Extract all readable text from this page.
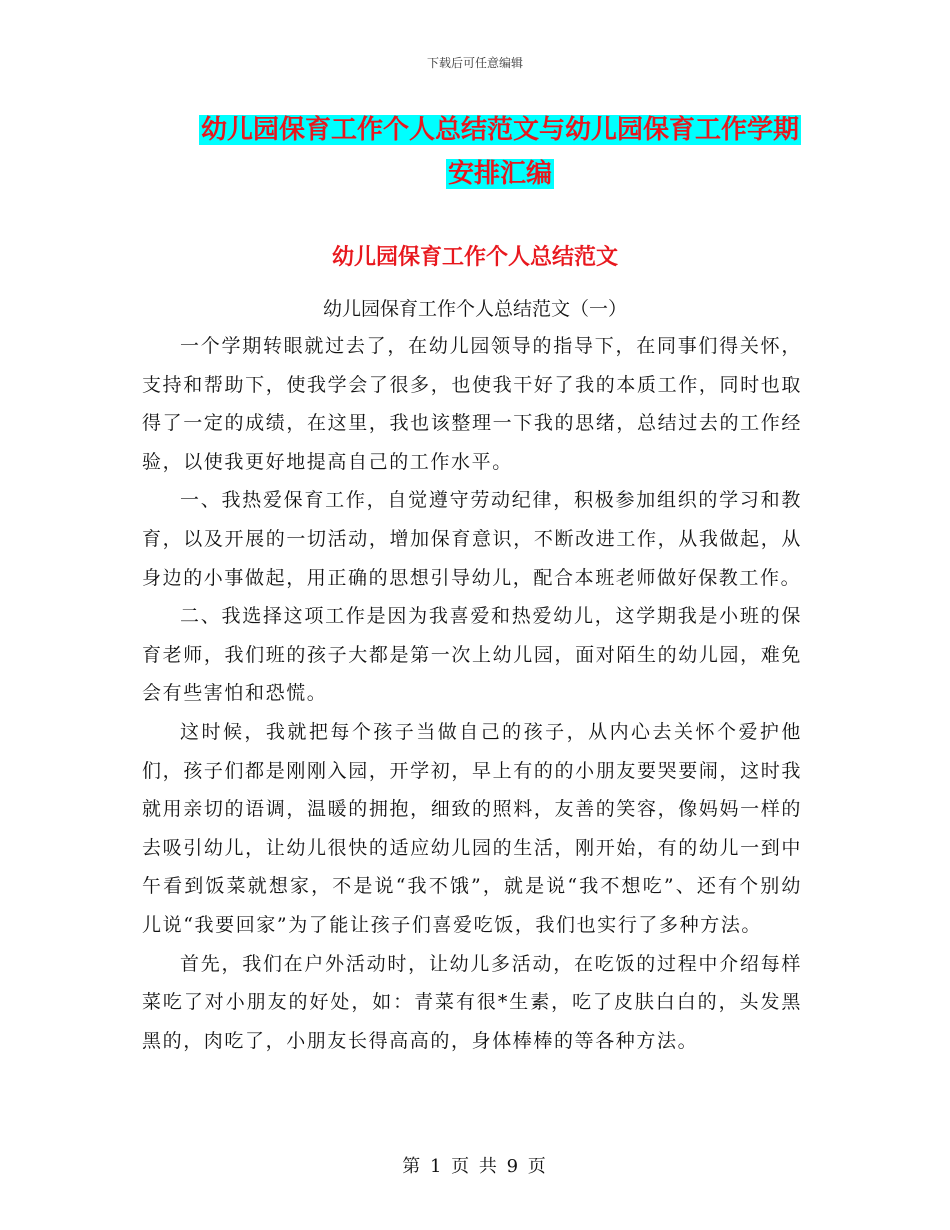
下载后可任意编辑
幼儿园保育工作个人总结范文与幼儿园保育工作学期
安排汇编
幼儿园保育工作个人总结范文
幼儿园保育工作个人总结范文（一）

一个学期转眼就过去了，在幼儿园领导的指导下，在同事们得关怀，支持和帮助下，使我学会了很多，也使我干好了我的本质工作，同时也取得了一定的成绩，在这里，我也该整理一下我的思绪，总结过去的工作经验，以使我更好地提高自己的工作水平。

一、我热爱保育工作，自觉遵守劳动纪律，积极参加组织的学习和教育，以及开展的一切活动，增加保育意识，不断改进工作，从我做起，从身边的小事做起，用正确的思想引导幼儿，配合本班老师做好保教工作。

二、我选择这项工作是因为我喜爱和热爱幼儿，这学期我是小班的保育老师，我们班的孩子大都是第一次上幼儿园，面对陌生的幼儿园，难免会有些害怕和恐慌。

这时候，我就把每个孩子当做自己的孩子，从内心去关怀个爱护他们，孩子们都是刚刚入园，开学初，早上有的的小朋友要哭要闹，这时我就用亲切的语调，温暖的拥抱，细致的照料，友善的笑容，像妈妈一样的去吸引幼儿，让幼儿很快的适应幼儿园的生活，刚开始，有的幼儿一到中午看到饭菜就想家，不是说“我不饿”，就是说“我不想吃”、还有个别幼儿说“我要回家”为了能让孩子们喜爱吃饭，我们也实行了多种方法。

首先，我们在户外活动时，让幼儿多活动，在吃饭的过程中介绍每样菜吃了对小朋友的好处，如：青菜有很*生素，吃了皮肤白白的，头发黑黑的，肉吃了，小朋友长得高高的，身体棒棒的等各种方法。

第 1 页 共 9 页
